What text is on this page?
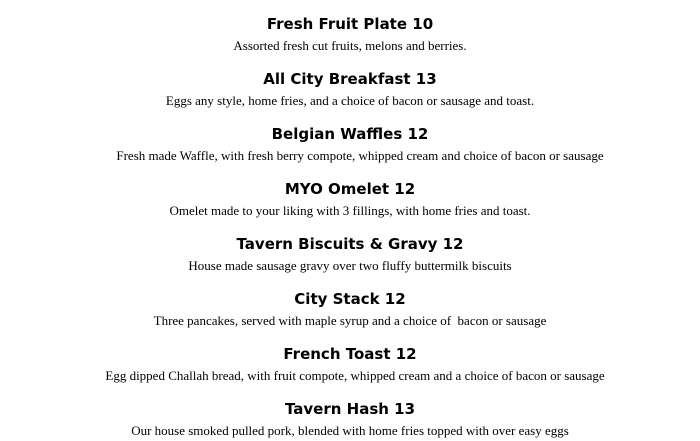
Fresh Fruit Plate 10
Assorted fresh cut fruits, melons and berries.
All City Breakfast 13
Eggs any style, home fries, and a choice of bacon or sausage and toast.
Belgian Waffles 12
Fresh made Waffle, with fresh berry compote, whipped cream and choice of bacon or sausage
MYO Omelet 12
Omelet made to your liking with 3 fillings, with home fries and toast.
Tavern Biscuits & Gravy 12
House made sausage gravy over two fluffy buttermilk biscuits
City Stack 12
Three pancakes, served with maple syrup and a choice of  bacon or sausage
French Toast 12
Egg dipped Challah bread, with fruit compote, whipped cream and a choice of bacon or sausage
Tavern Hash 13
Our house smoked pulled pork, blended with home fries topped with over easy eggs
